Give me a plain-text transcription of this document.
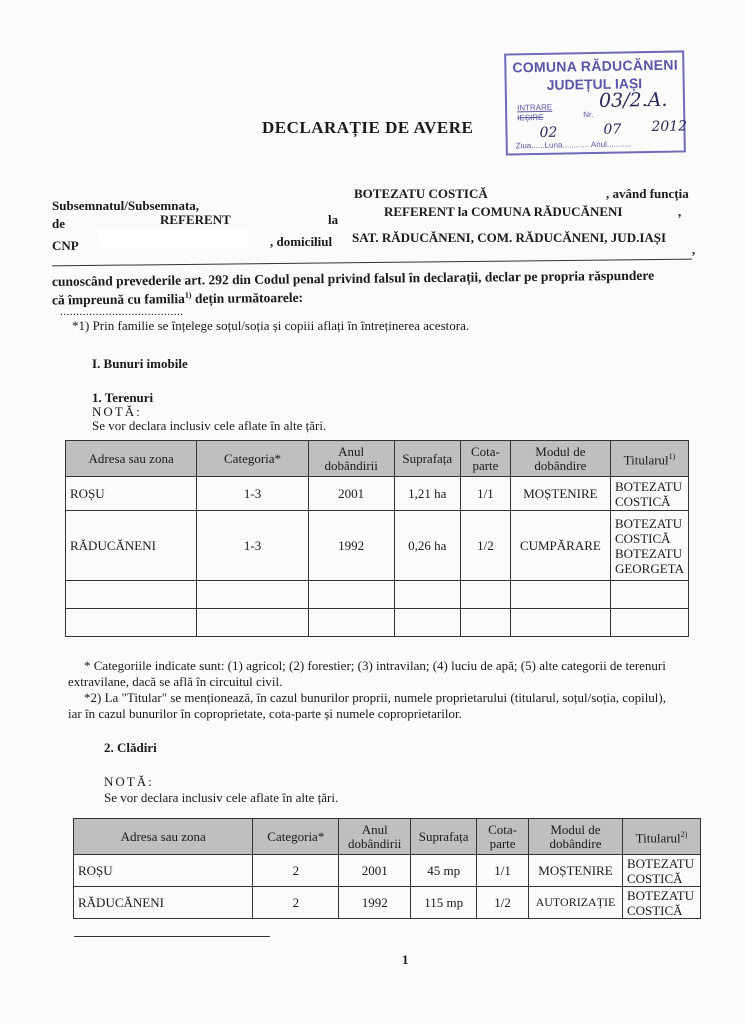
COMUNA RĂDUCĂNENI
JUDEȚUL IAȘI
INTRARE
IEȘIRE	Nr.
03/2.A.
02	07 2012
Ziua......Luna............ Anul...........
DECLARAȚIE DE AVERE
Subsemnatul/Subsemnata,
BOTEZATU COSTICĂ	, având funcția
de	REFERENT	la
REFERENT la COMUNA RĂDUCĂNENI	,
CNP	, domiciliul SAT. RĂDUCĂNENI, COM. RĂDUCĂNENI, JUD.IAȘI
,
cunoscând prevederile art. 292 din Codul penal privind falsul în declarații, declar pe propria răspundere
că împreună cu familia$^{1)}$ dețin următoarele:
......................................
*1) Prin familie se înțelege soțul/soția și copiii aflați în întreținerea acestora.
I. Bunuri imobile
1. Terenuri
NOTĂ:
Se vor declara inclusiv cele aflate în alte țări.
Adresa sau zona	Categoria*	Anul dobândirii	Suprafața	Cota-parte	Modul de dobândire	Titularul$^{1)}$
ROȘU	1-3	2001	1,21 ha	1/1	MOȘTENIRE	BOTEZATU COSTICĂ
RĂDUCĂNENI	1-3	1992	0,26 ha	1/2	CUMPĂRARE	BOTEZATU COSTICĂ BOTEZATU GEORGETA

* Categoriile indicate sunt: (1) agricol; (2) forestier; (3) intravilan; (4) luciu de apă; (5) alte categorii de terenuri
extravilane, dacă se află în circuitul civil.
*2) La "Titular" se menționează, în cazul bunurilor proprii, numele proprietarului (titularul, soțul/soția, copilul),
iar în cazul bunurilor în coproprietate, cota-parte și numele coproprietarilor.
2. Clădiri
NOTĂ:
Se vor declara inclusiv cele aflate în alte țări.
Adresa sau zona	Categoria*	Anul dobândirii	Suprafața	Cota-parte	Modul de dobândire	Titularul$^{2)}$
ROȘU	2	2001	45 mp	1/1	MOȘTENIRE	BOTEZATU COSTICĂ
RĂDUCĂNENI	2	1992	115 mp	1/2	AUTORIZAȚIE	BOTEZATU COSTICĂ
1
